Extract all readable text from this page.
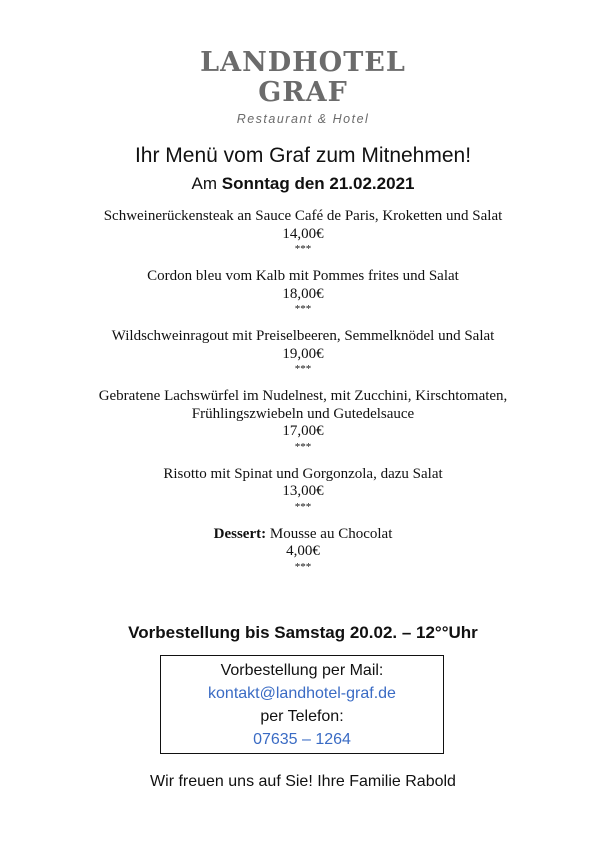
LANDHOTEL
GRAF
Restaurant & Hotel
Ihr Menü vom Graf zum Mitnehmen!
Am Sonntag den 21.02.2021
Schweinerückensteak an Sauce Café de Paris, Kroketten und Salat
14,00€
***
Cordon bleu vom Kalb mit Pommes frites und Salat
18,00€
***
Wildschweinragout mit Preiselbeeren, Semmelknödel und Salat
19,00€
***
Gebratene Lachswürfel im Nudelnest, mit Zucchini, Kirschtomaten,
Frühlingszwiebeln und Gutedelsauce
17,00€
***
Risotto mit Spinat und Gorgonzola, dazu Salat
13,00€
***
Dessert: Mousse au Chocolat
4,00€
***
Vorbestellung bis Samstag 20.02. – 12°°Uhr
Vorbestellung per Mail:
kontakt@landhotel-graf.de
per Telefon:
07635 – 1264
Wir freuen uns auf Sie! Ihre Familie Rabold
